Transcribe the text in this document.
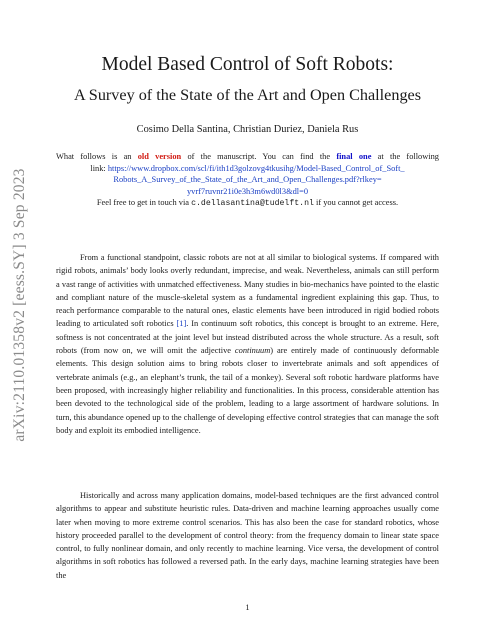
arXiv:2110.01358v2 [eess.SY] 3 Sep 2023
Model Based Control of Soft Robots:
A Survey of the State of the Art and Open Challenges
Cosimo Della Santina, Christian Duriez, Daniela Rus
What follows is an old version of the manuscript. You can find the final one at the following
link: https://www.dropbox.com/scl/fi/ith1d3golzovg4tkusihg/Model-Based_Control_of_Soft_
Robots_A_Survey_of_the_State_of_the_Art_and_Open_Challenges.pdf?rlkey=
yvrf7ruvnr21i0e3h3m6wd0l3&dl=0
Feel free to get in touch via c.dellasantina@tudelft.nl if you cannot get access.

From a functional standpoint, classic robots are not at all similar to biological systems. If compared with rigid robots, animals’ body looks overly redundant, imprecise, and weak. Nevertheless, animals can still perform a vast range of activities with unmatched effectiveness. Many studies in bio-mechanics have pointed to the elastic and compliant nature of the muscle-skeletal system as a fundamental ingredient explaining this gap. Thus, to reach performance comparable to the natural ones, elastic elements have been introduced in rigid bodied robots leading to articulated soft robotics [1]. In continuum soft robotics, this concept is brought to an extreme. Here, softness is not concentrated at the joint level but instead distributed across the whole structure. As a result, soft robots (from now on, we will omit the adjective continuum) are entirely made of continuously deformable elements. This design solution aims to bring robots closer to invertebrate animals and soft appendices of vertebrate animals (e.g., an elephant’s trunk, the tail of a monkey). Several soft robotic hardware platforms have been proposed, with increasingly higher reliability and functionalities. In this process, considerable attention has been devoted to the technological side of the problem, leading to a large assortment of hardware solutions. In turn, this abundance opened up to the challenge of developing effective control strategies that can manage the soft body and exploit its embodied intelligence.

Historically and across many application domains, model-based techniques are the first advanced control algorithms to appear and substitute heuristic rules. Data-driven and machine learning approaches usually come later when moving to more extreme control scenarios. This has also been the case for standard robotics, whose history proceeded parallel to the development of control theory: from the frequency domain to linear state space control, to fully nonlinear domain, and only recently to machine learning. Vice versa, the development of control algorithms in soft robotics has followed a reversed path. In the early days, machine learning strategies have been the

1
